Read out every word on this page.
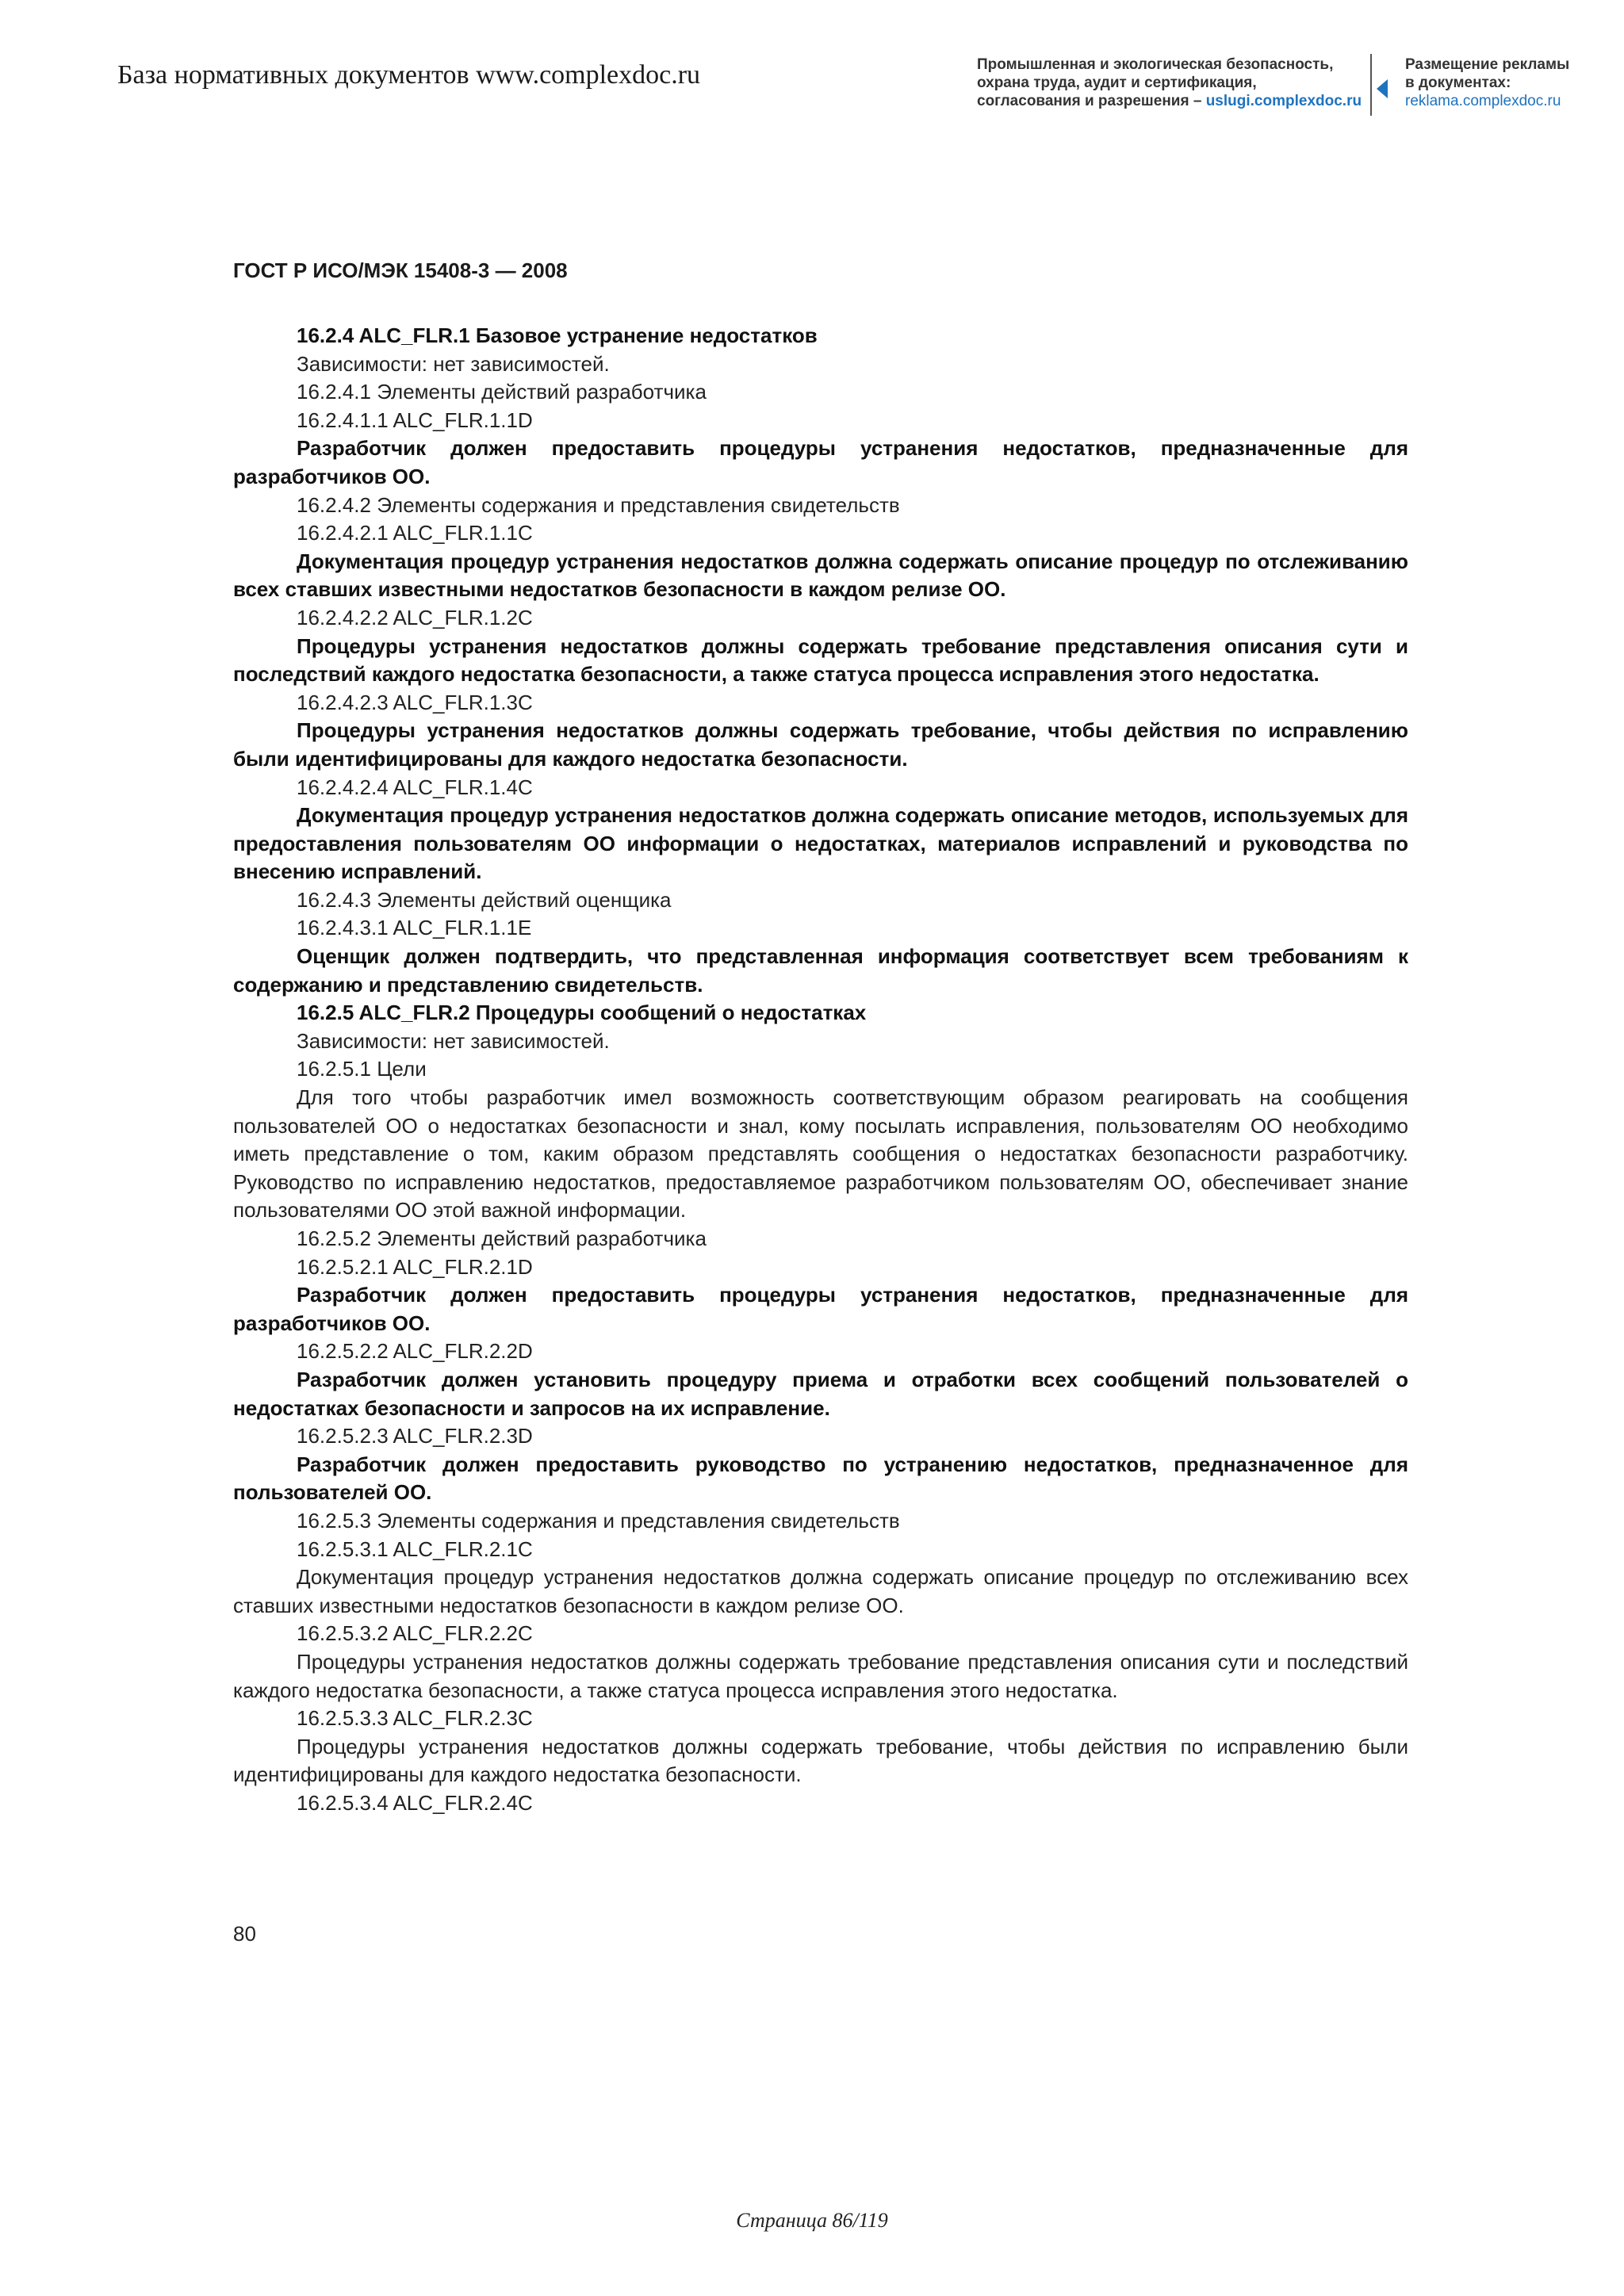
База нормативных документов www.complexdoc.ru	Промышленная и экологическая безопасность,
охрана труда, аудит и сертификация,
согласования и разрешения – uslugi.complexdoc.ru
Размещение рекламы
в документах:
reklama.complexdoc.ru
ГОСТ Р ИСО/МЭК 15408-3 — 2008

16.2.4 ALC_FLR.1 Базовое устранение недостатков

Зависимости: нет зависимостей.

16.2.4.1 Элементы действий разработчика

16.2.4.1.1 ALC_FLR.1.1D

Разработчик должен предоставить процедуры устранения недостатков, предназначенные для разработчиков ОО.

16.2.4.2 Элементы содержания и представления свидетельств

16.2.4.2.1 ALC_FLR.1.1C

Документация процедур устранения недостатков должна содержать описание процедур по отслеживанию всех ставших известными недостатков безопасности в каждом релизе ОО.

16.2.4.2.2 ALC_FLR.1.2C

Процедуры устранения недостатков должны содержать требование представления описания сути и последствий каждого недостатка безопасности, а также статуса процесса исправления этого недостатка.

16.2.4.2.3 ALC_FLR.1.3C

Процедуры устранения недостатков должны содержать требование, чтобы действия по исправлению были идентифицированы для каждого недостатка безопасности.

16.2.4.2.4 ALC_FLR.1.4C

Документация процедур устранения недостатков должна содержать описание методов, используемых для предоставления пользователям ОО информации о недостатках, материалов исправлений и руководства по внесению исправлений.

16.2.4.3 Элементы действий оценщика

16.2.4.3.1 ALC_FLR.1.1E

Оценщик должен подтвердить, что представленная информация соответствует всем требованиям к содержанию и представлению свидетельств.

16.2.5 ALC_FLR.2 Процедуры сообщений о недостатках

Зависимости: нет зависимостей.

16.2.5.1 Цели

Для того чтобы разработчик имел возможность соответствующим образом реагировать на сообщения пользователей ОО о недостатках безопасности и знал, кому посылать исправления, пользователям ОО необходимо иметь представление о том, каким образом представлять сообщения о недостатках безопасности разработчику. Руководство по исправлению недостатков, предоставляемое разработчиком пользователям ОО, обеспечивает знание пользователями ОО этой важной информации.

16.2.5.2 Элементы действий разработчика

16.2.5.2.1 ALC_FLR.2.1D

Разработчик должен предоставить процедуры устранения недостатков, предназначенные для разработчиков ОО.

16.2.5.2.2 ALC_FLR.2.2D

Разработчик должен установить процедуру приема и отработки всех сообщений пользователей о недостатках безопасности и запросов на их исправление.

16.2.5.2.3 ALC_FLR.2.3D

Разработчик должен предоставить руководство по устранению недостатков, предназначенное для пользователей ОО.

16.2.5.3 Элементы содержания и представления свидетельств

16.2.5.3.1 ALC_FLR.2.1C

Документация процедур устранения недостатков должна содержать описание процедур по отслеживанию всех ставших известными недостатков безопасности в каждом релизе ОО.

16.2.5.3.2 ALC_FLR.2.2C

Процедуры устранения недостатков должны содержать требование представления описания сути и последствий каждого недостатка безопасности, а также статуса процесса исправления этого недостатка.

16.2.5.3.3 ALC_FLR.2.3C

Процедуры устранения недостатков должны содержать требование, чтобы действия по исправлению были идентифицированы для каждого недостатка безопасности.

16.2.5.3.4 ALC_FLR.2.4C

80
Страница 86/119
